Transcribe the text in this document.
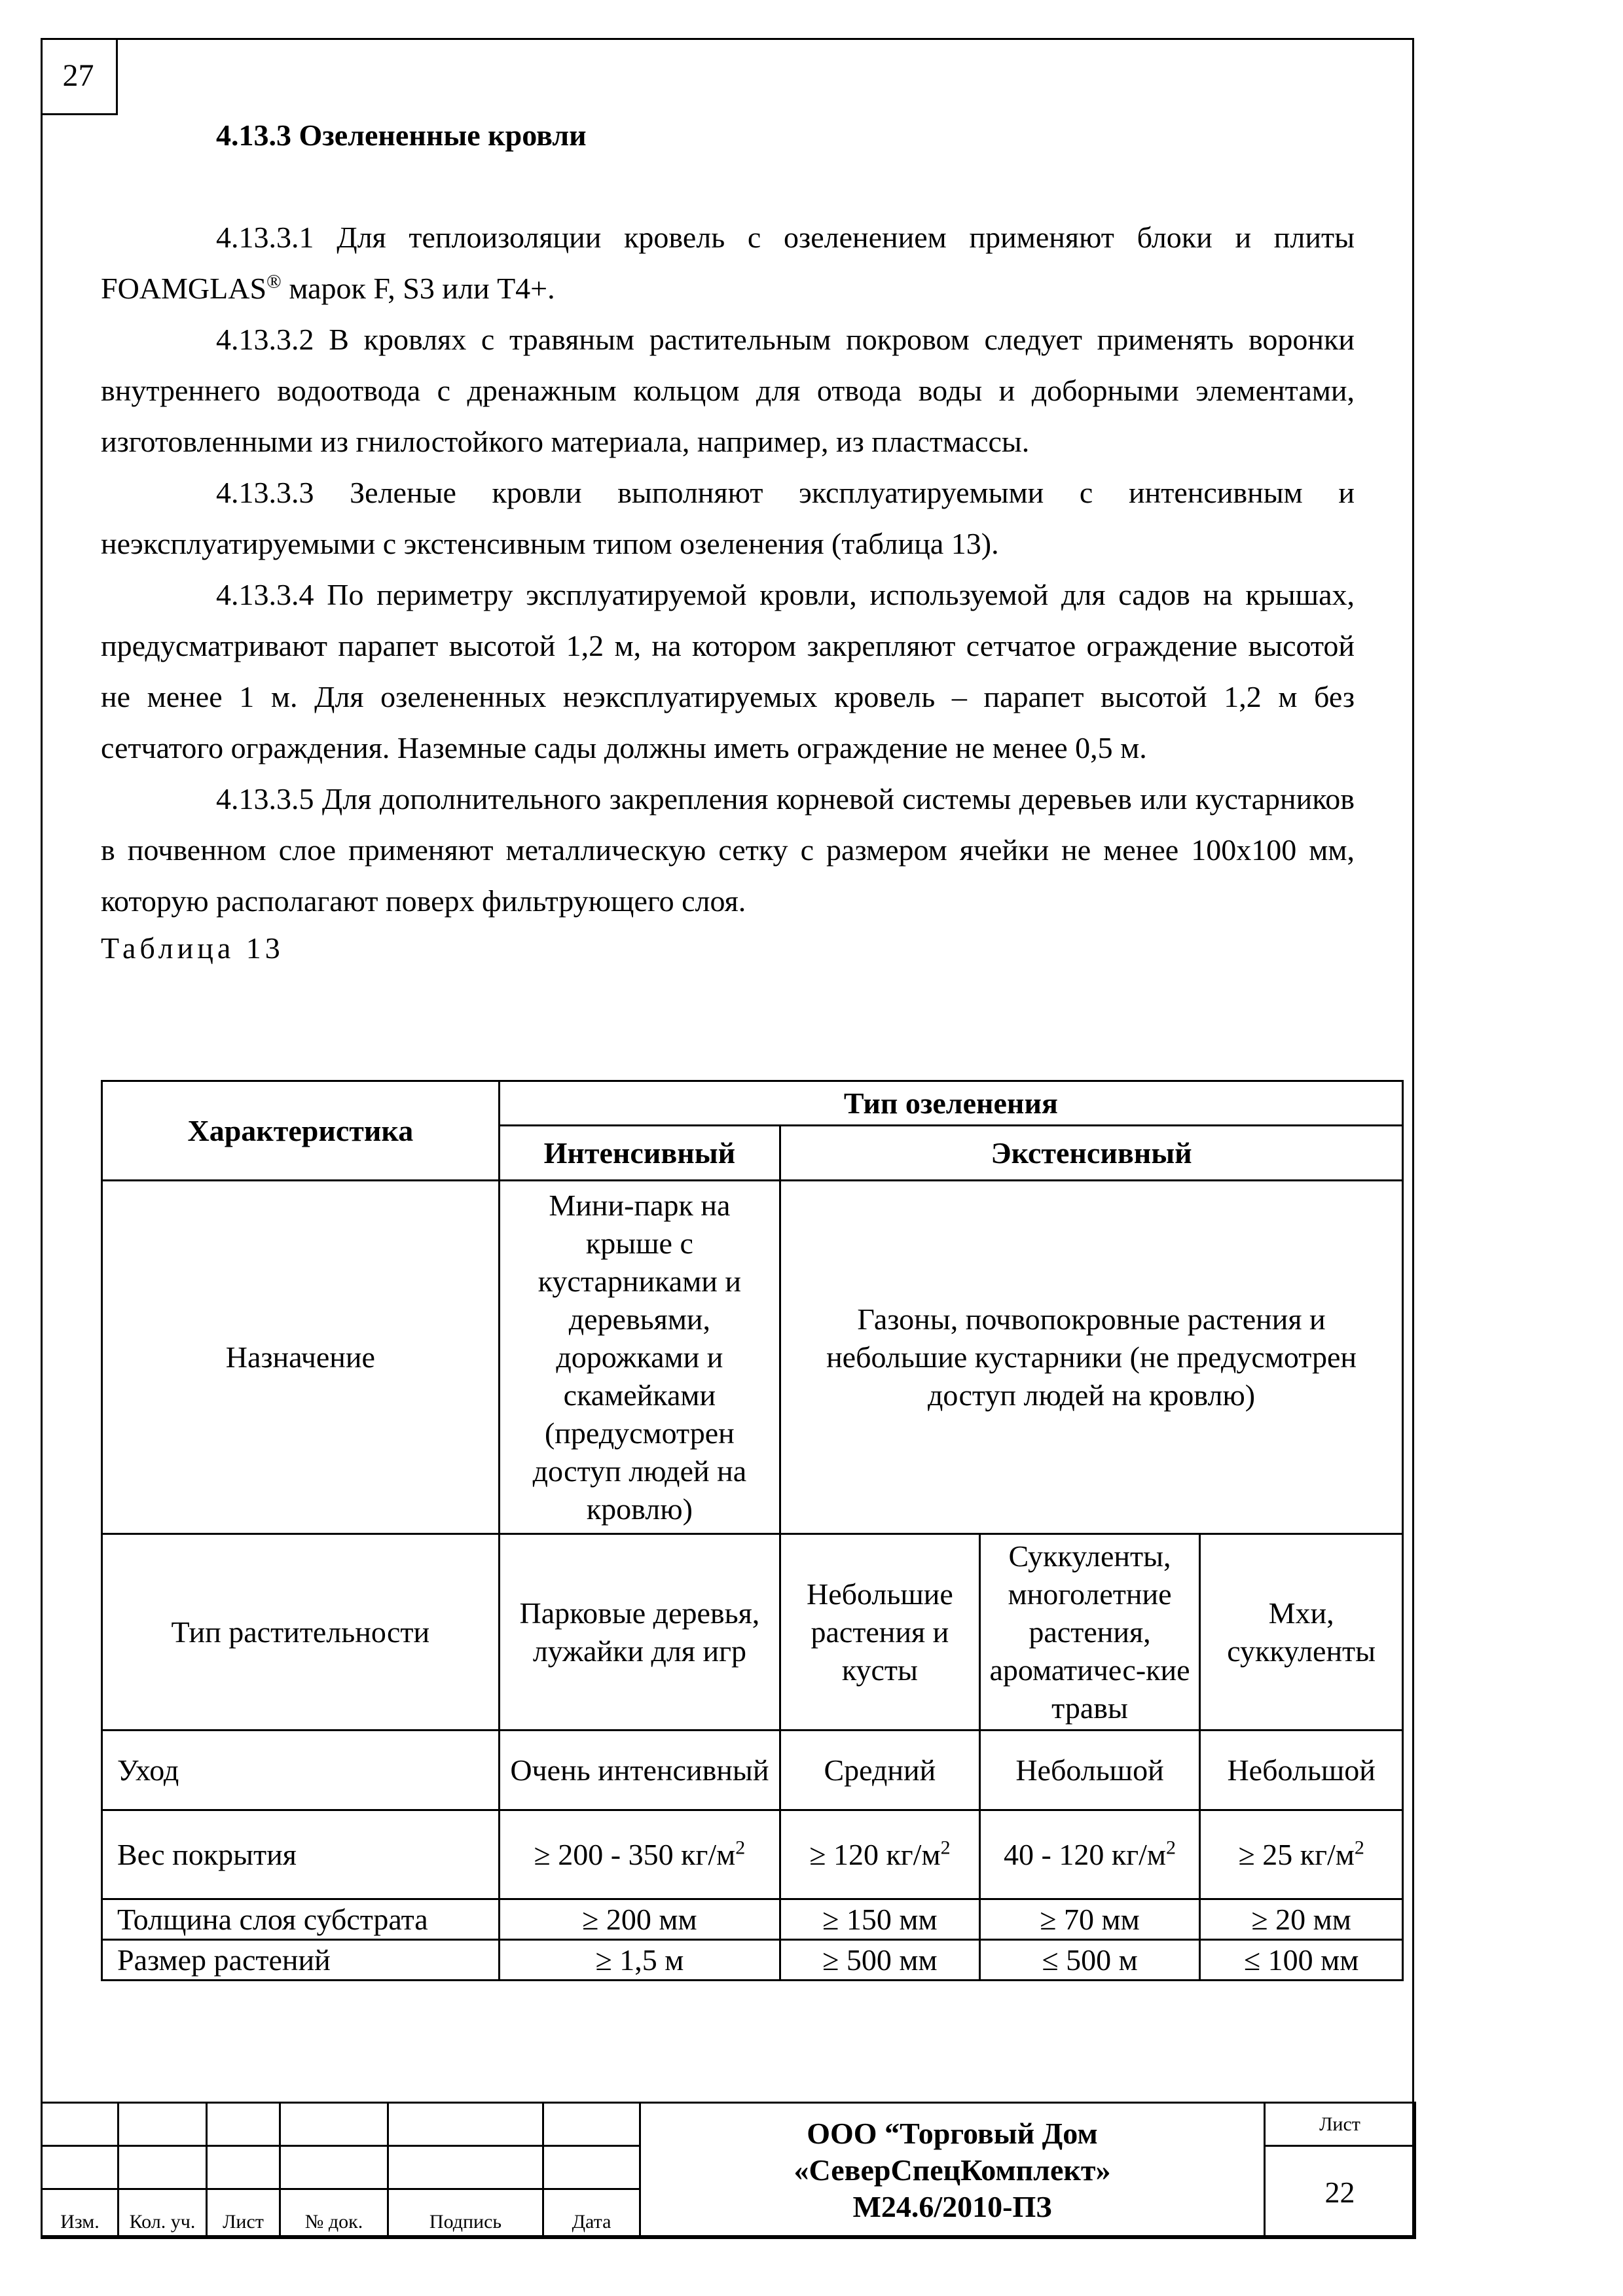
27
4.13.3 Озелененные кровли

4.13.3.1 Для теплоизоляции кровель с озеленением применяют блоки и плиты FOAMGLAS® марок F, S3 или T4+.

4.13.3.2 В кровлях с травяным растительным покровом следует применять воронки внутреннего водоотвода с дренажным кольцом для отвода воды и доборными элементами, изготовленными из гнилостойкого материала, например, из пластмассы.

4.13.3.3 Зеленые кровли выполняют эксплуатируемыми с интенсивным и неэксплуатируемыми с экстенсивным типом озеленения (таблица 13).

4.13.3.4 По периметру эксплуатируемой кровли, используемой для садов на крышах, предусматривают парапет высотой 1,2 м, на котором закрепляют сетчатое ограждение высотой не менее 1 м. Для озелененных неэксплуатируемых кровель – парапет высотой 1,2 м без сетчатого ограждения. Наземные сады должны иметь ограждение не менее 0,5 м.

4.13.3.5 Для дополнительного закрепления корневой системы деревьев или кустарников в почвенном слое применяют металлическую сетку с размером ячейки не менее 100х100 мм, которую располагают поверх фильтрующего слоя.

Таблица 13

Характеристика	Тип озеленения			
	Интенсивный	Экстенсивный		
Назначение	Мини-парк на крыше с кустарниками и деревьями, дорожками и скамейками (предусмотрен доступ людей на кровлю)	Газоны, почвопокровные растения и небольшие кустарники (не предусмотрен доступ людей на кровлю)		
Тип растительности	Парковые деревья, лужайки для игр	Небольшие растения и кусты	Суккуленты, многолетние растения, ароматичес-кие травы	Мхи, суккуленты
Уход	Очень интенсивный	Средний	Небольшой	Небольшой
Вес покрытия	≥ 200 - 350 $кг/м^2$	≥ 120 $кг/м^2$	40 - 120 $кг/м^2$	≥ 25 $кг/м^2$
Толщина слоя субстрата	≥ 200 мм	≥ 150 мм	≥ 70 мм	≥ 20 мм
Размер растений	≥ 1,5 м	≥ 500 мм	≤ 500 м	≤ 100 мм

						ООО “Торговый Дом
«СеверСпецКомплект»
М24.6/2010-ПЗ	Лист
							22
Изм.	Кол. уч.	Лист	№ док.	Подпись	Дата		
